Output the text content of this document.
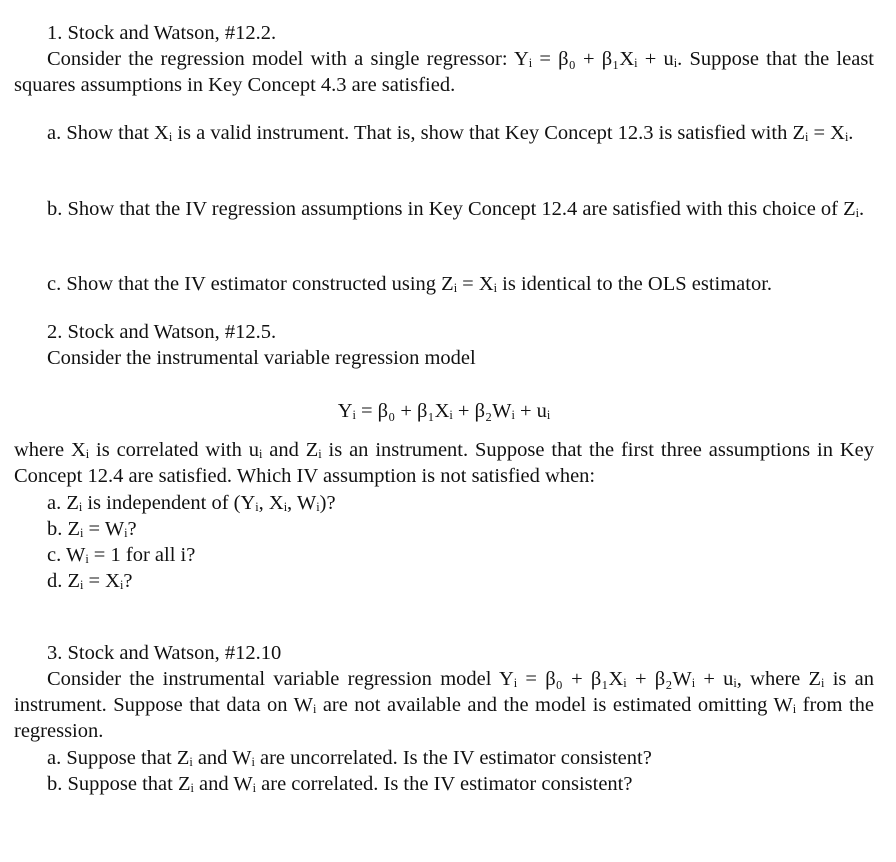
1. Stock and Watson, #12.2.

Consider the regression model with a single regressor: Yᵢ = β₀ + β₁Xᵢ + uᵢ. Suppose that the least squares assumptions in Key Concept 4.3 are satisfied.

a. Show that Xᵢ is a valid instrument. That is, show that Key Concept 12.3 is satisfied with Zᵢ = Xᵢ.

b. Show that the IV regression assumptions in Key Concept 12.4 are satisfied with this choice of Zᵢ.

c. Show that the IV estimator constructed using Zᵢ = Xᵢ is identical to the OLS estimator.

2. Stock and Watson, #12.5.

Consider the instrumental variable regression model

Yᵢ = β₀ + β₁Xᵢ + β₂Wᵢ + uᵢ

where Xᵢ is correlated with uᵢ and Zᵢ is an instrument. Suppose that the first three assumptions in Key Concept 12.4 are satisfied. Which IV assumption is not satisfied when:

a. Zᵢ is independent of (Yᵢ, Xᵢ, Wᵢ)?
b. Zᵢ = Wᵢ?
c. Wᵢ = 1 for all i?
d. Zᵢ = Xᵢ?

3. Stock and Watson, #12.10

Consider the instrumental variable regression model Yᵢ = β₀ + β₁Xᵢ + β₂Wᵢ + uᵢ, where Zᵢ is an instrument. Suppose that data on Wᵢ are not available and the model is estimated omitting Wᵢ from the regression.

a. Suppose that Zᵢ and Wᵢ are uncorrelated. Is the IV estimator consistent?
b. Suppose that Zᵢ and Wᵢ are correlated. Is the IV estimator consistent?
